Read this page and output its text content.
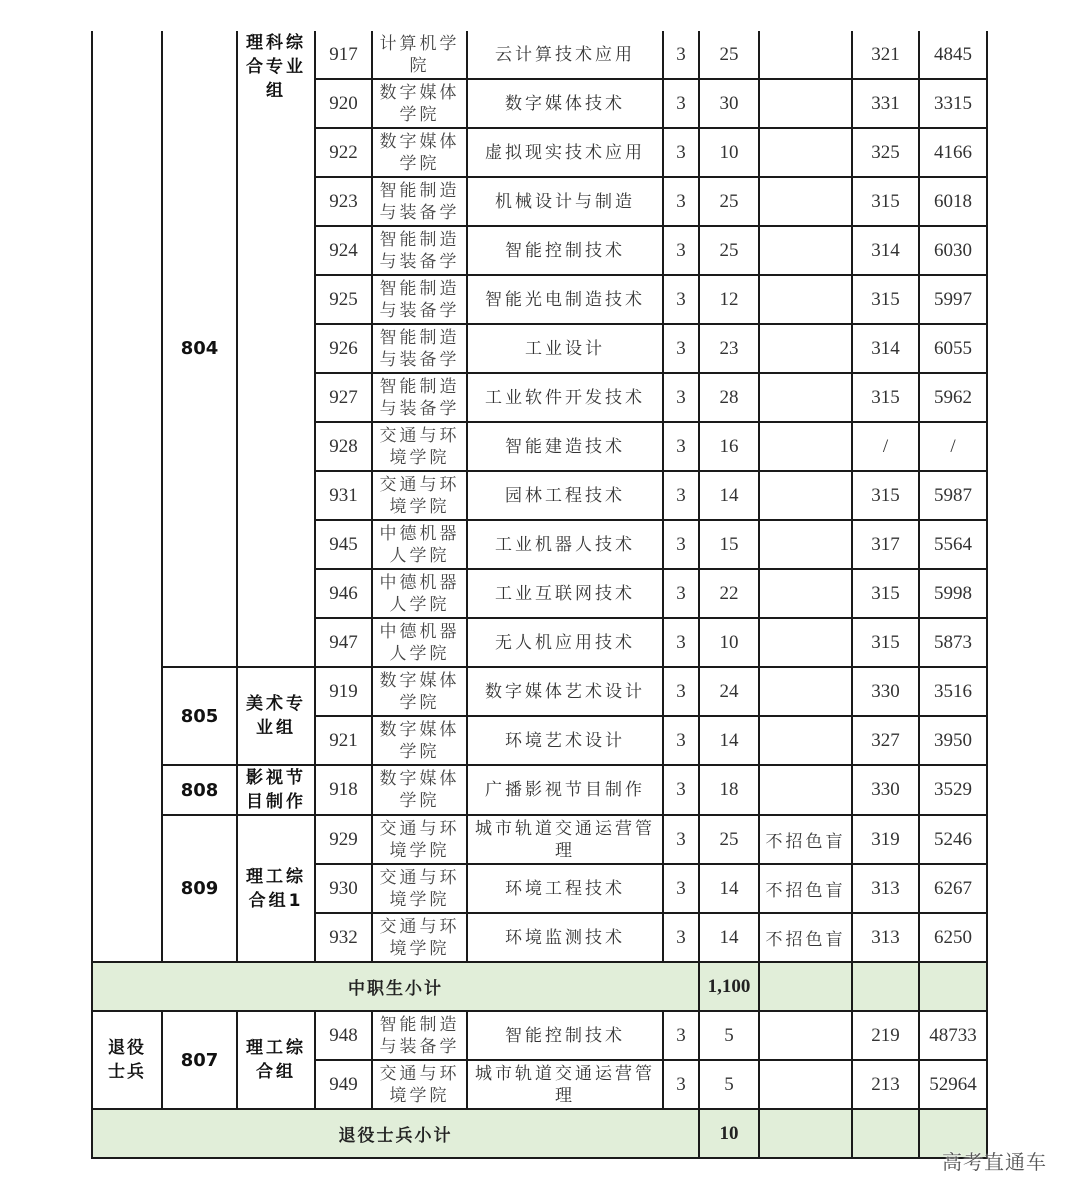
	804	理科综合专业组	917	计算机学院	云计算技术应用	3	25		321	4845
			920	数字媒体学院	数字媒体技术	3	30		331	3315
			922	数字媒体学院	虚拟现实技术应用	3	10		325	4166
			923	智能制造与装备学	机械设计与制造	3	25		315	6018
			924	智能制造与装备学	智能控制技术	3	25		314	6030
			925	智能制造与装备学	智能光电制造技术	3	12		315	5997
			926	智能制造与装备学	工业设计	3	23		314	6055
			927	智能制造与装备学	工业软件开发技术	3	28		315	5962
			928	交通与环境学院	智能建造技术	3	16		/	/
			931	交通与环境学院	园林工程技术	3	14		315	5987
			945	中德机器人学院	工业机器人技术	3	15		317	5564
			946	中德机器人学院	工业互联网技术	3	22		315	5998
			947	中德机器人学院	无人机应用技术	3	10		315	5873
	805	美术专业组	919	数字媒体学院	数字媒体艺术设计	3	24		330	3516
			921	数字媒体学院	环境艺术设计	3	14		327	3950
	808	影视节目制作	918	数字媒体学院	广播影视节目制作	3	18		330	3529
	809	理工综合组1	929	交通与环境学院	城市轨道交通运营管理	3	25	不招色盲	319	5246
			930	交通与环境学院	环境工程技术	3	14	不招色盲	313	6267
			932	交通与环境学院	环境监测技术	3	14	不招色盲	313	6250
中职生小计							1,100			
退役士兵	807	理工综合组	948	智能制造与装备学	智能控制技术	3	5		219	48733
			949	交通与环境学院	城市轨道交通运营管理	3	5		213	52964
退役士兵小计							10			
高考直通车
